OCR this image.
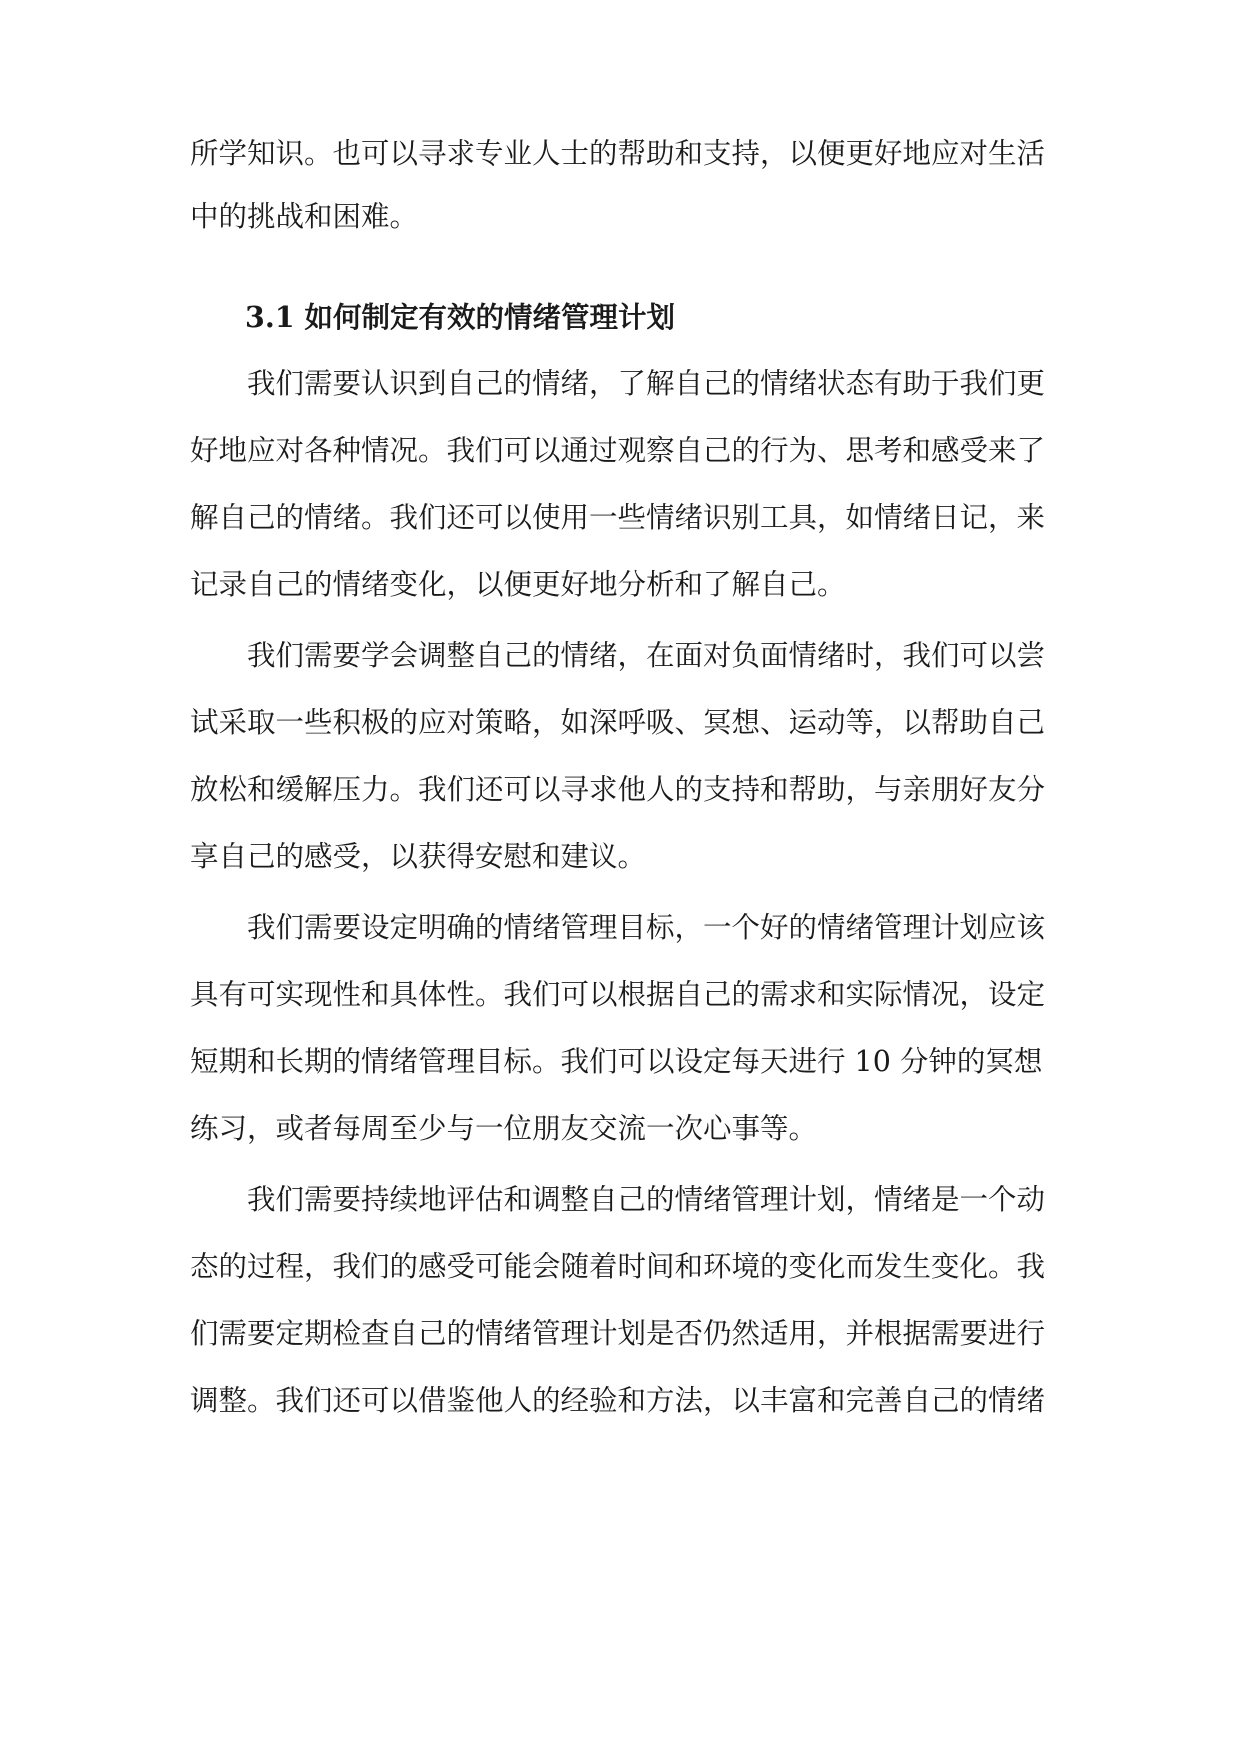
所学知识。也可以寻求专业人士的帮助和支持，以便更好地应对生活
中的挑战和困难。
3.1 如何制定有效的情绪管理计划
　　我们需要认识到自己的情绪，了解自己的情绪状态有助于我们更
好地应对各种情况。我们可以通过观察自己的行为、思考和感受来了
解自己的情绪。我们还可以使用一些情绪识别工具，如情绪日记，来
记录自己的情绪变化，以便更好地分析和了解自己。
　　我们需要学会调整自己的情绪，在面对负面情绪时，我们可以尝
试采取一些积极的应对策略，如深呼吸、冥想、运动等，以帮助自己
放松和缓解压力。我们还可以寻求他人的支持和帮助，与亲朋好友分
享自己的感受，以获得安慰和建议。
　　我们需要设定明确的情绪管理目标，一个好的情绪管理计划应该
具有可实现性和具体性。我们可以根据自己的需求和实际情况，设定
短期和长期的情绪管理目标。我们可以设定每天进行 10 分钟的冥想
练习，或者每周至少与一位朋友交流一次心事等。
　　我们需要持续地评估和调整自己的情绪管理计划，情绪是一个动
态的过程，我们的感受可能会随着时间和环境的变化而发生变化。我
们需要定期检查自己的情绪管理计划是否仍然适用，并根据需要进行
调整。我们还可以借鉴他人的经验和方法，以丰富和完善自己的情绪
